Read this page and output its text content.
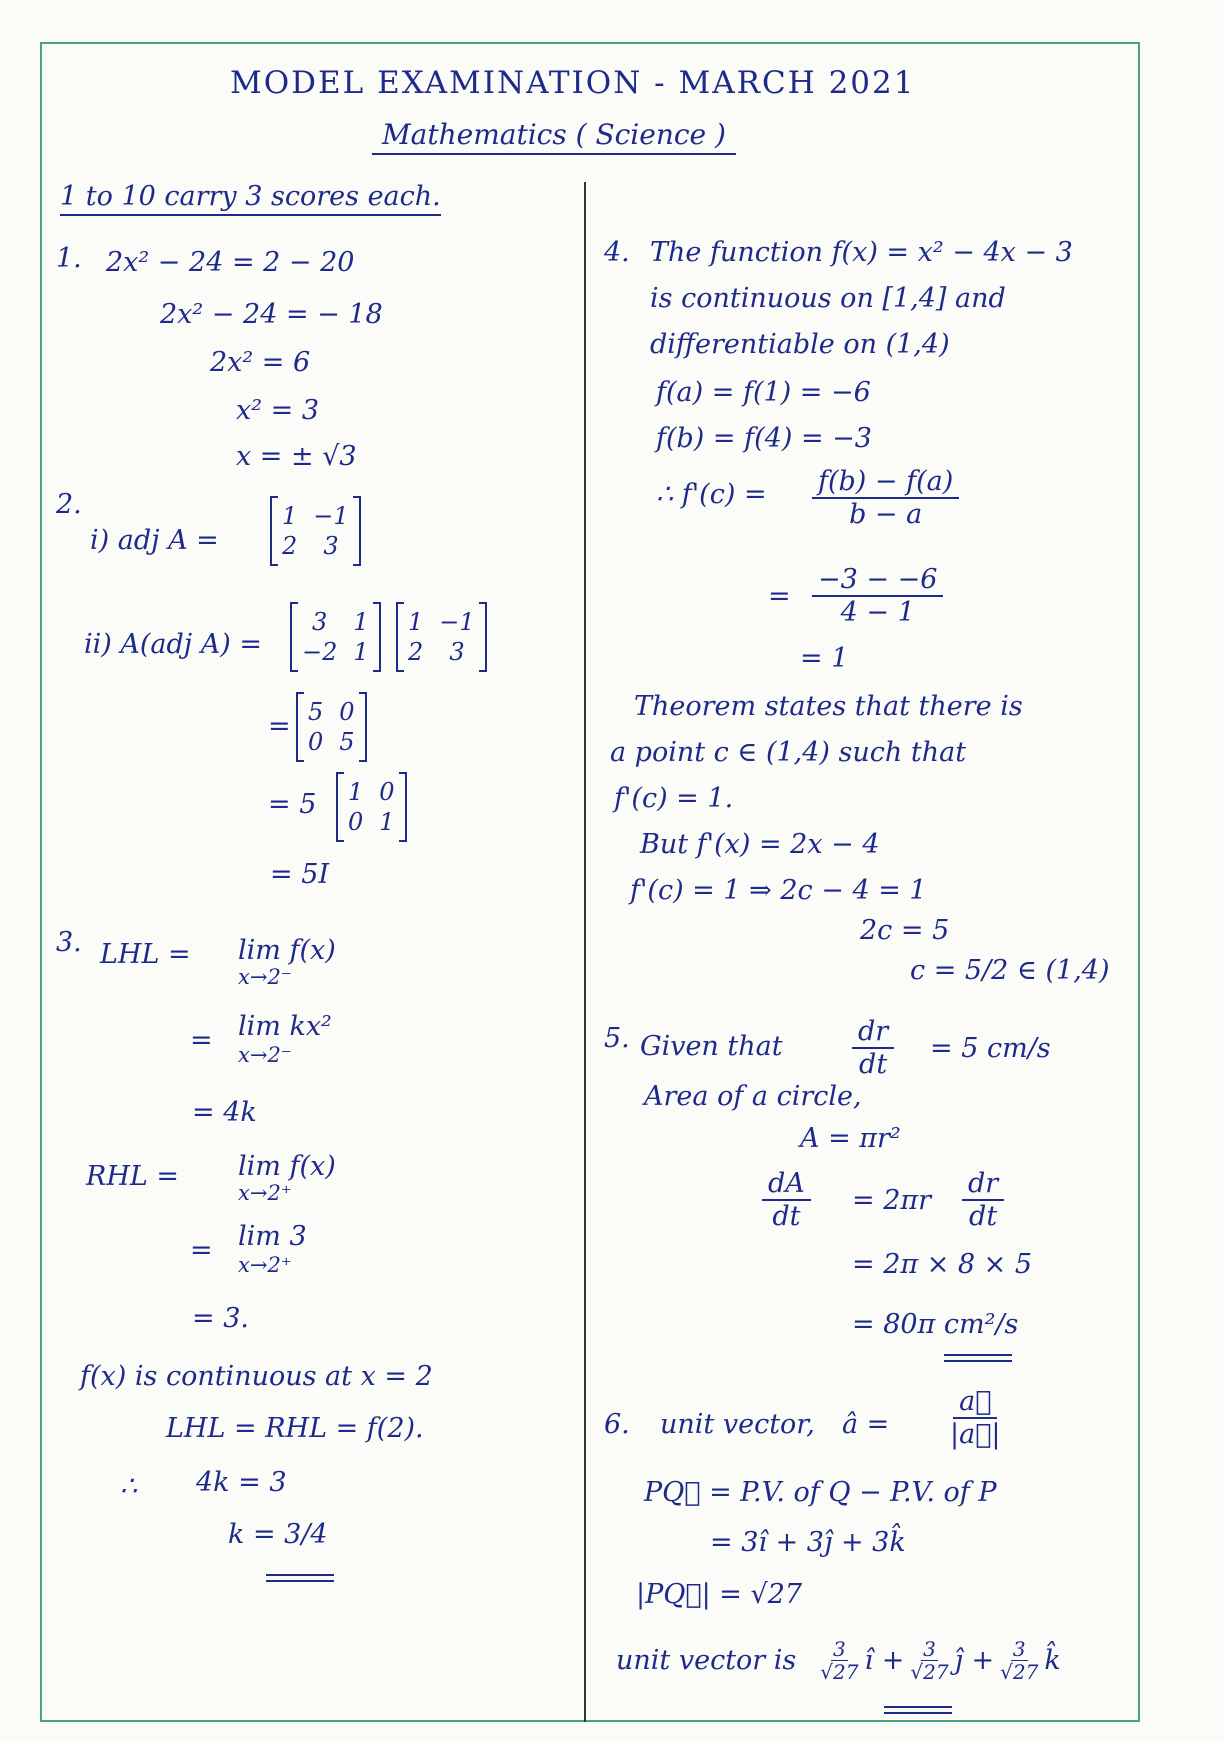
MODEL EXAMINATION - MARCH 2021
Mathematics ( Science )
1 to 10 carry 3 scores each.
1. 2x² − 24 = 2 − 20
2x² − 24 = − 18
2x² = 6
x² = 3
x = ± √3
2.
i) adj A =
1 −1
2	3
ii) A(adj A) =
3	1
−2 1
1 −1
2	3
= 5 0
0 5
= 5 1 0
0 1
= 5I
3. LHL = lim f(x)
x→2⁻
= lim kx²
x→2⁻
= 4k
RHL = lim f(x)
x→2⁺
= lim 3
x→2⁺
= 3.
f(x) is continuous at x = 2
LHL = RHL = f(2).
∴ 4k = 3
k = 3/4
4. The function f(x) = x² − 4x − 3
is continuous on [1,4] and
differentiable on (1,4)
f(a) = f(1) = −6
f(b) = f(4) = −3
∴ $f'(c) = \frac{f(b) - f(a)}{b - a}$
= $\frac{-3 - -6}{4 - 1}$
= 1
Theorem states that there is
a point c ∈ (1,4) such that
f'(c) = 1.
But f'(x) = 2x − 4
f'(c) = 1 ⇒ 2c − 4 = 1
2c = 5
c = 5/2 ∈ (1,4)
5. Given that	$\frac{dr}{dt} = 5$ cm/s
Area of a circle,
A = πr²
$\frac{dA}{dt} = 2\pi r \frac{dr}{dt}$
= 2π × 8 × 5
= 80π cm²/s
6. unit vector, â = $\frac{a⃗}{|a⃗|}$
PQ⃗ = P.V. of Q − P.V. of P
= 3î + 3ĵ + 3k̂
|PQ⃗| = √27
unit vector is $\frac{3}{√27}$ î + $\frac{3}{√27}$ ĵ + $\frac{3}{√27}$ k̂
